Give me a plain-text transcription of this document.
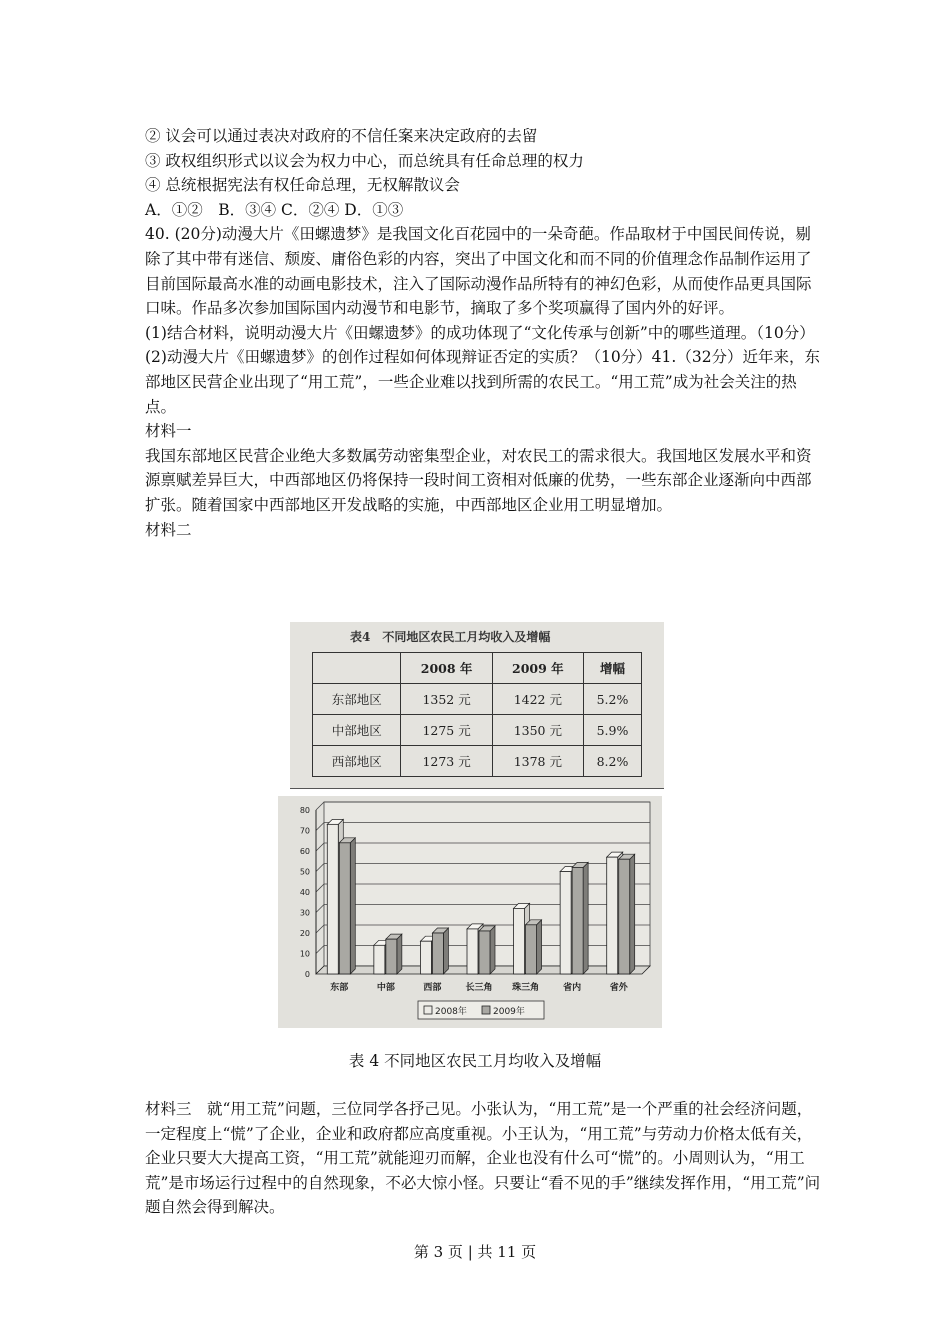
② 议会可以通过表决对政府的不信任案来决定政府的去留

③ 政权组织形式以议会为权力中心，而总统具有任命总理的权力

④ 总统根据宪法有权任命总理，无权解散议会

A．①②　B．③④ C．②④ D．①③

40. (20分)动漫大片《田螺遗梦》是我国文化百花园中的一朵奇葩。作品取材于中国民间传说，剔除了其中带有迷信、颓废、庸俗色彩的内容，突出了中国文化和而不同的价值理念作品制作运用了目前国际最高水准的动画电影技术，注入了国际动漫作品所特有的神幻色彩，从而使作品更具国际口味。作品多次参加国际国内动漫节和电影节，摘取了多个奖项赢得了国内外的好评。

(1)结合材料，说明动漫大片《田螺遗梦》的成功体现了“文化传承与创新”中的哪些道理。（10分）

(2)动漫大片《田螺遗梦》的创作过程如何体现辩证否定的实质？（10分）41.（32分）近年来，东部地区民营企业出现了“用工荒”，一些企业难以找到所需的农民工。“用工荒”成为社会关注的热点。

材料一

我国东部地区民营企业绝大多数属劳动密集型企业，对农民工的需求很大。我国地区发展水平和资源禀赋差异巨大，中西部地区仍将保持一段时间工资相对低廉的优势，一些东部企业逐渐向中西部扩张。随着国家中西部地区开发战略的实施，中西部地区企业用工明显增加。

材料二

表4　不同地区农民工月均收入及增幅
	2008 年	2009 年	增幅
东部地区	1352 元	1422 元	5.2%
中部地区	1275 元	1350 元	5.9%
西部地区	1273 元	1378 元	8.2%
0
10
20
30
40
50
60
70
80
东部	中部	西部	长三角 珠三角	省内	省外
2008年	2009年
表 4 不同地区农民工月均收入及增幅

材料三　就“用工荒”问题，三位同学各抒己见。小张认为，“用工荒”是一个严重的社会经济问题，一定程度上“慌”了企业，企业和政府都应高度重视。小王认为，“用工荒”与劳动力价格太低有关，企业只要大大提高工资，“用工荒”就能迎刃而解，企业也没有什么可“慌”的。小周则认为，“用工荒”是市场运行过程中的自然现象，不必大惊小怪。只要让“看不见的手”继续发挥作用，“用工荒”问题自然会得到解决。

第 3 页 | 共 11 页
